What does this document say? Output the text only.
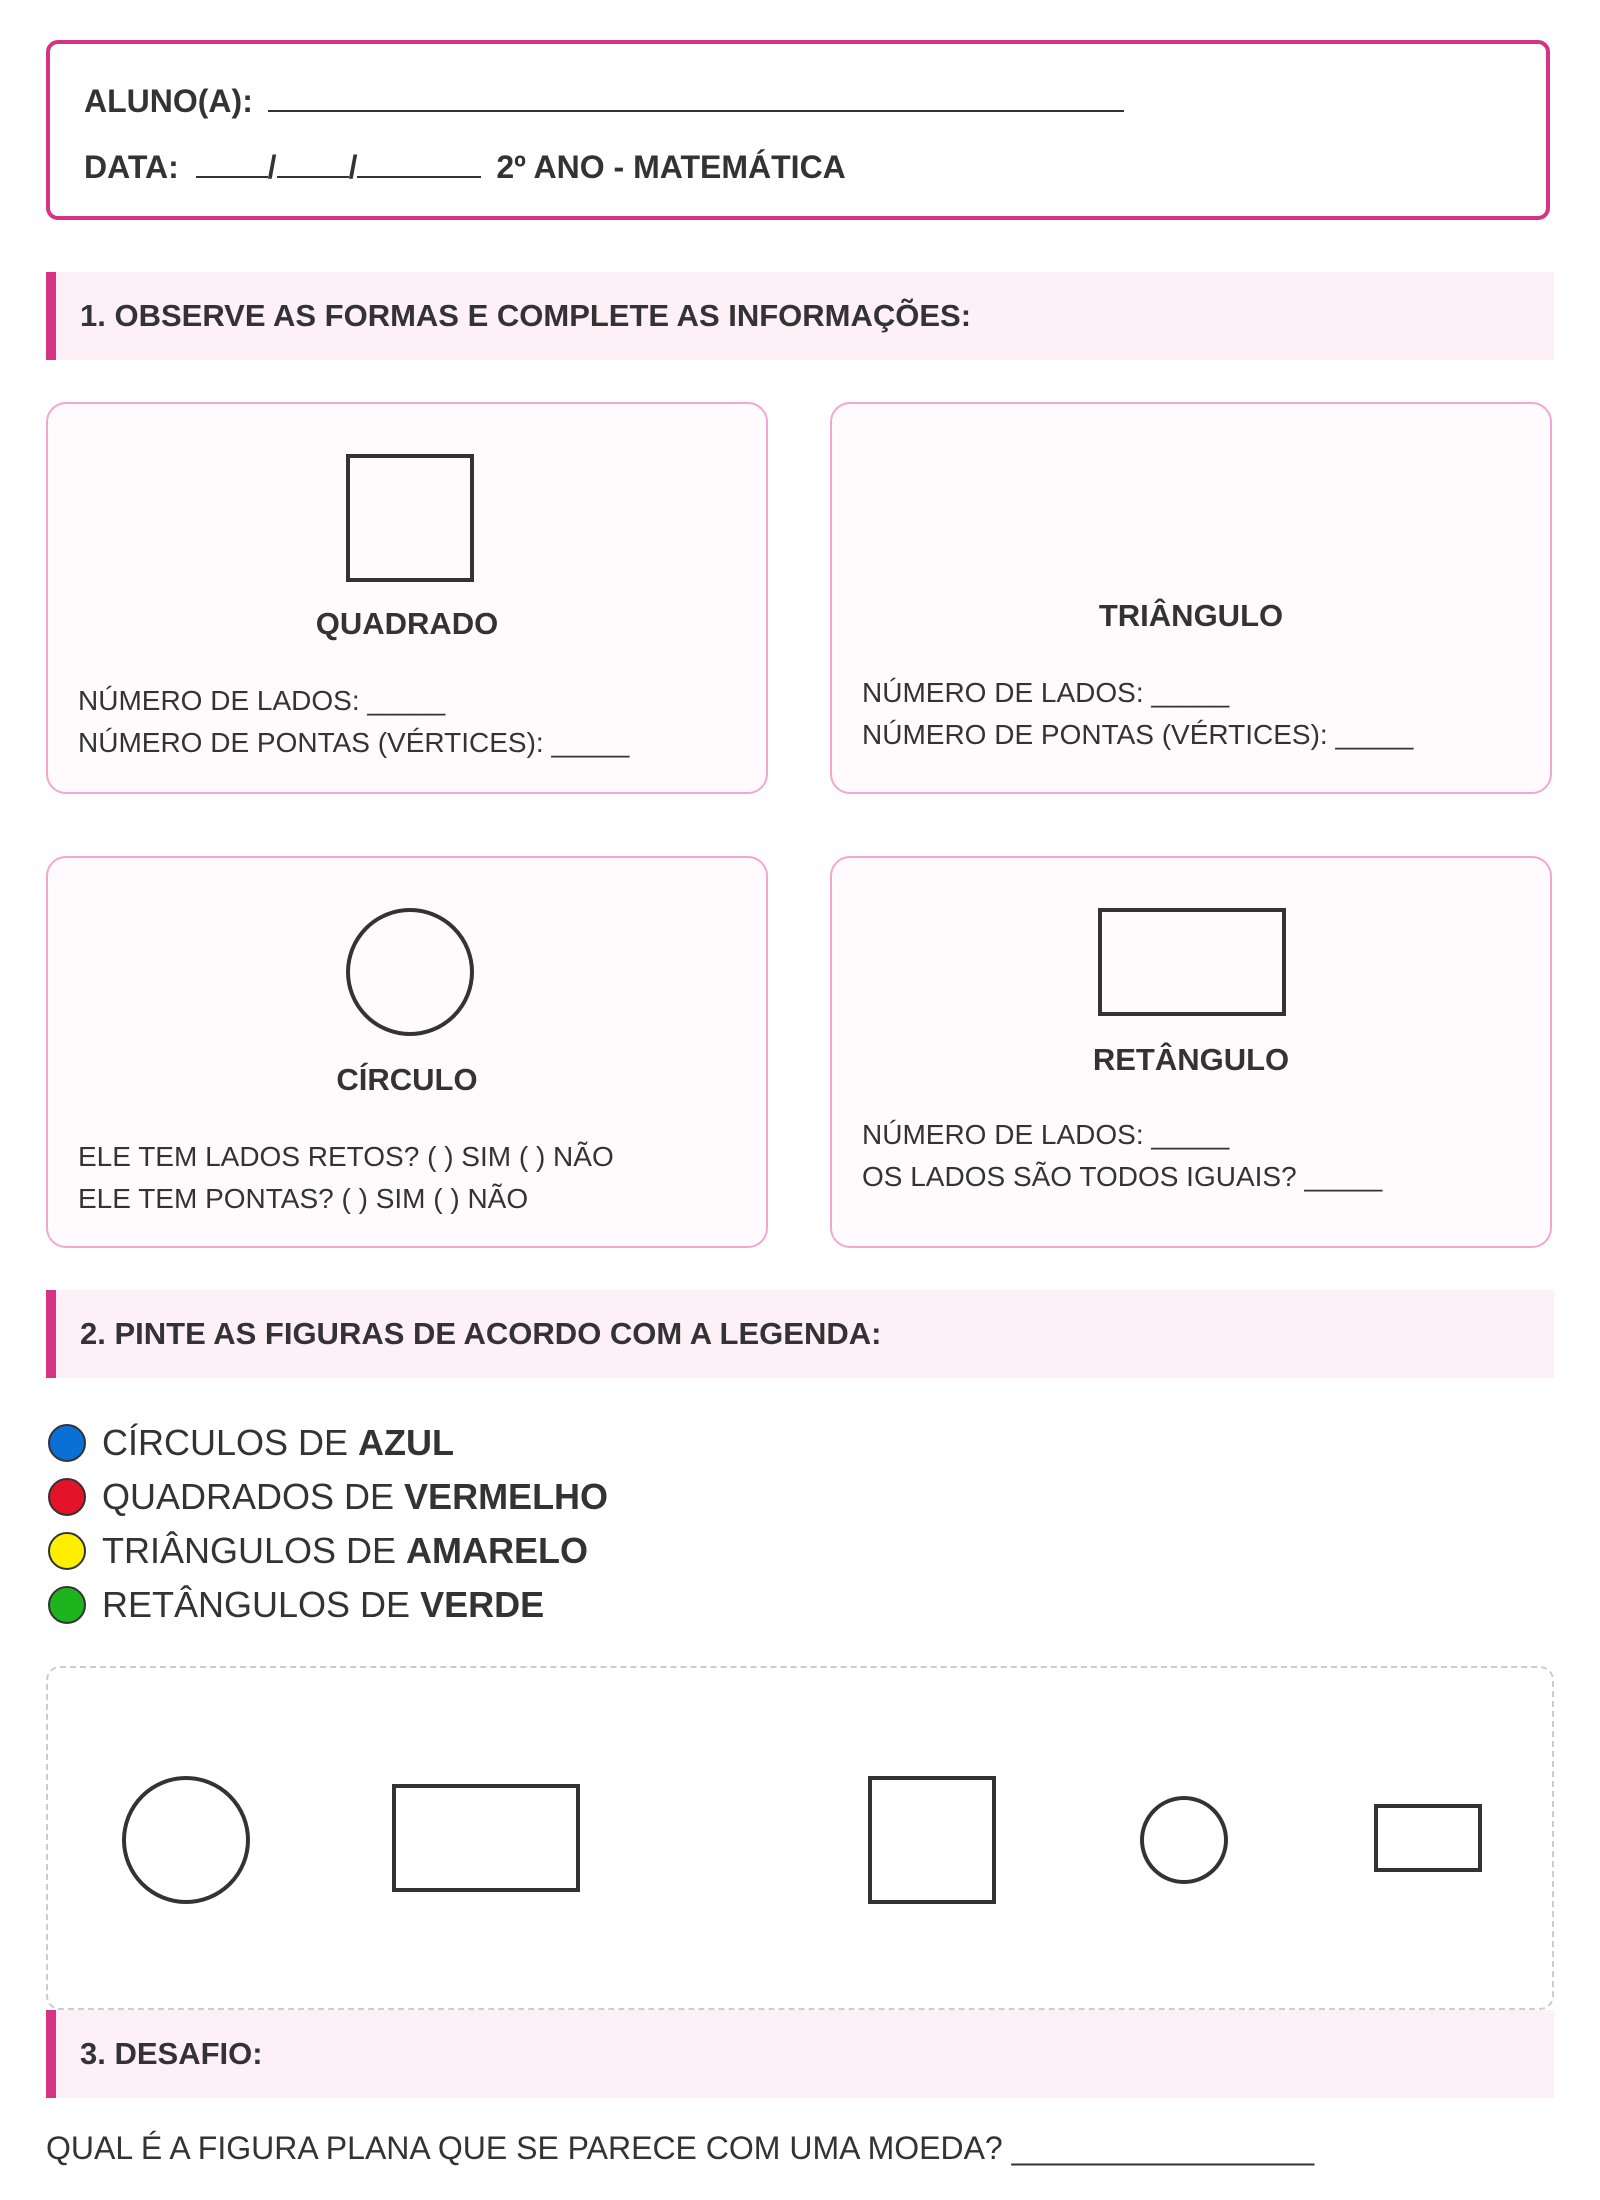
ALUNO(A):
DATA:	/ /	2º ANO - MATEMÁTICA
1. OBSERVE AS FORMAS E COMPLETE AS INFORMAÇÕES:
QUADRADO
NÚMERO DE LADOS: _____
NÚMERO DE PONTAS (VÉRTICES): _____
TRIÂNGULO
NÚMERO DE LADOS: _____
NÚMERO DE PONTAS (VÉRTICES): _____
CÍRCULO
ELE TEM LADOS RETOS? ( ) SIM ( ) NÃO
ELE TEM PONTAS? ( ) SIM ( ) NÃO
RETÂNGULO
NÚMERO DE LADOS: _____
OS LADOS SÃO TODOS IGUAIS? _____
2. PINTE AS FIGURAS DE ACORDO COM A LEGENDA:
CÍRCULOS DE AZUL
QUADRADOS DE VERMELHO
TRIÂNGULOS DE AMARELO
RETÂNGULOS DE VERDE
3. DESAFIO:
QUAL É A FIGURA PLANA QUE SE PARECE COM UMA MOEDA? _________________
